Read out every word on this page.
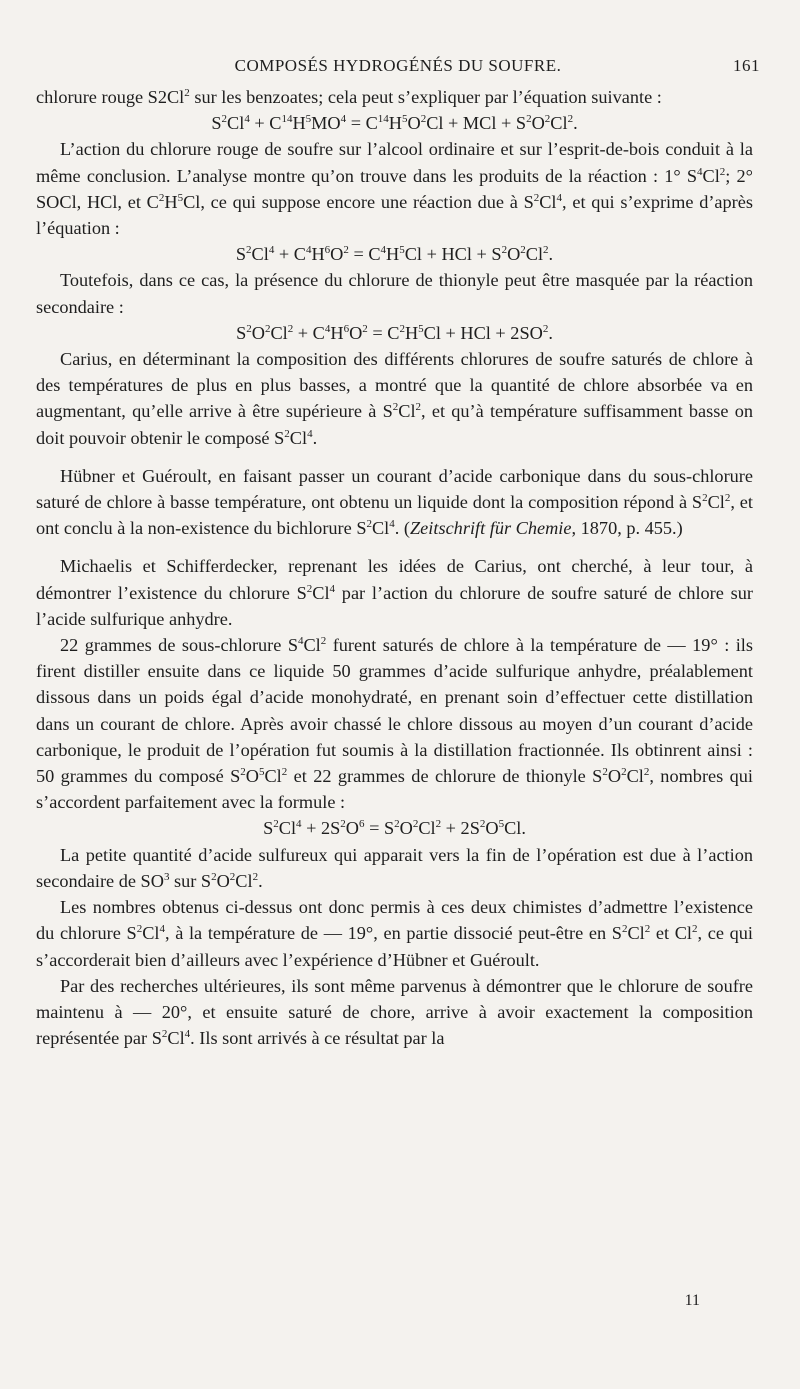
COMPOSÉS HYDROGÉNÉS DU SOUFRE.	161

chlorure rouge S2Cl$^2$ sur les benzoates; cela peut s’expliquer par l’équation suivante :

$S^2Cl^4 + C^{14}H^5MO^4 = C^{14}H^5O^2Cl$ + MCl + $S^2O^2Cl^2$.

L’action du chlorure rouge de soufre sur l’alcool ordinaire et sur l’esprit-de-bois conduit à la même conclusion. L’analyse montre qu’on trouve dans les produits de la réaction : 1° $S^4Cl^2$; 2° SOCl, HCl, et $C^2H^5Cl$, ce qui suppose encore une réaction due à $S^2Cl^4$, et qui s’exprime d’après l’équation :

$S^2Cl^4 + C^4H^6O^2 = C^4H^5Cl$ + HCl + $S^2O^2Cl^2$.

Toutefois, dans ce cas, la présence du chlorure de thionyle peut être masquée par la réaction secondaire :

$S^2O^2Cl^2 + C^4H^6O^2 = C^2H^5Cl$ + HCl + $2SO^2$.

Carius, en déterminant la composition des différents chlorures de soufre saturés de chlore à des températures de plus en plus basses, a montré que la quantité de chlore absorbée va en augmentant, qu’elle arrive à être supérieure à $S^2Cl^2$, et qu’à température suffisamment basse on doit pouvoir obtenir le composé $S^2Cl^4$.

Hübner et Guéroult, en faisant passer un courant d’acide carbonique dans du sous-chlorure saturé de chlore à basse température, ont obtenu un liquide dont la composition répond à $S^2Cl^2$, et ont conclu à la non-existence du bichlorure $S^2Cl^4$. (Zeitschrift für Chemie, 1870, p. 455.)

Michaelis et Schifferdecker, reprenant les idées de Carius, ont cherché, à leur tour, à démontrer l’existence du chlorure $S^2Cl^4$ par l’action du chlorure de soufre saturé de chlore sur l’acide sulfurique anhydre.

22 grammes de sous-chlorure $S^4Cl^2$ furent saturés de chlore à la température de — 19° : ils firent distiller ensuite dans ce liquide 50 grammes d’acide sulfurique anhydre, préalablement dissous dans un poids égal d’acide monohydraté, en prenant soin d’effectuer cette distillation dans un courant de chlore. Après avoir chassé le chlore dissous au moyen d’un courant d’acide carbonique, le produit de l’opération fut soumis à la distillation fractionnée. Ils obtinrent ainsi : 50 grammes du composé $S^2O^5Cl^2$ et 22 grammes de chlorure de thionyle $S^2O^2Cl^2$, nombres qui s’accordent parfaitement avec la formule :

$S^2Cl^4 + 2S^2O^6 = S^2O^2Cl^2 + 2S^2O^5Cl$.

La petite quantité d’acide sulfureux qui apparait vers la fin de l’opération est due à l’action secondaire de $SO^3$ sur $S^2O^2Cl^2$.

Les nombres obtenus ci-dessus ont donc permis à ces deux chimistes d’admettre l’existence du chlorure $S^2Cl^4$, à la température de — 19°, en partie dissocié peut-être en $S^2Cl^2$ et Cl$^2$, ce qui s’accorderait bien d’ailleurs avec l’expérience d’Hübner et Guéroult.

Par des recherches ultérieures, ils sont même parvenus à démontrer que le chlorure de soufre maintenu à — 20°, et ensuite saturé de chore, arrive à avoir exactement la composition représentée par $S^2Cl^4$. Ils sont arrivés à ce résultat par la

11
